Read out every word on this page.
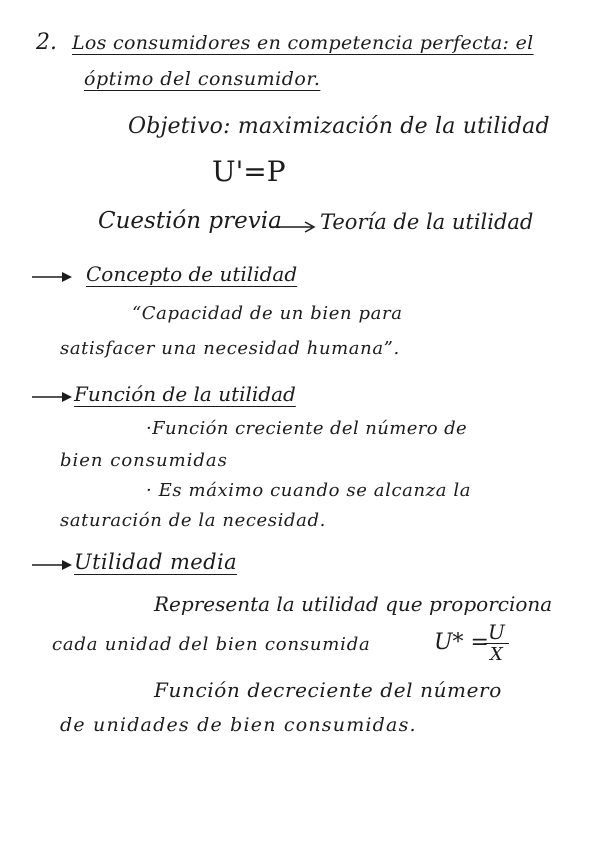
2. Los consumidores en competencia perfecta: el
óptimo del consumidor.
Objetivo: maximización de la utilidad
U'=P
Cuestión previa Teoría de la utilidad
Concepto de utilidad
“Capacidad de un bien para
satisfacer una necesidad humana”.
Función de la utilidad
·Función creciente del número de
bien consumidas
· Es máximo cuando se alcanza la
saturación de la necesidad.
Utilidad media
Representa la utilidad que proporciona
cada unidad del bien consumida	U* =
$\frac{U}{X}$
Función decreciente del número
de unidades de bien consumidas.
